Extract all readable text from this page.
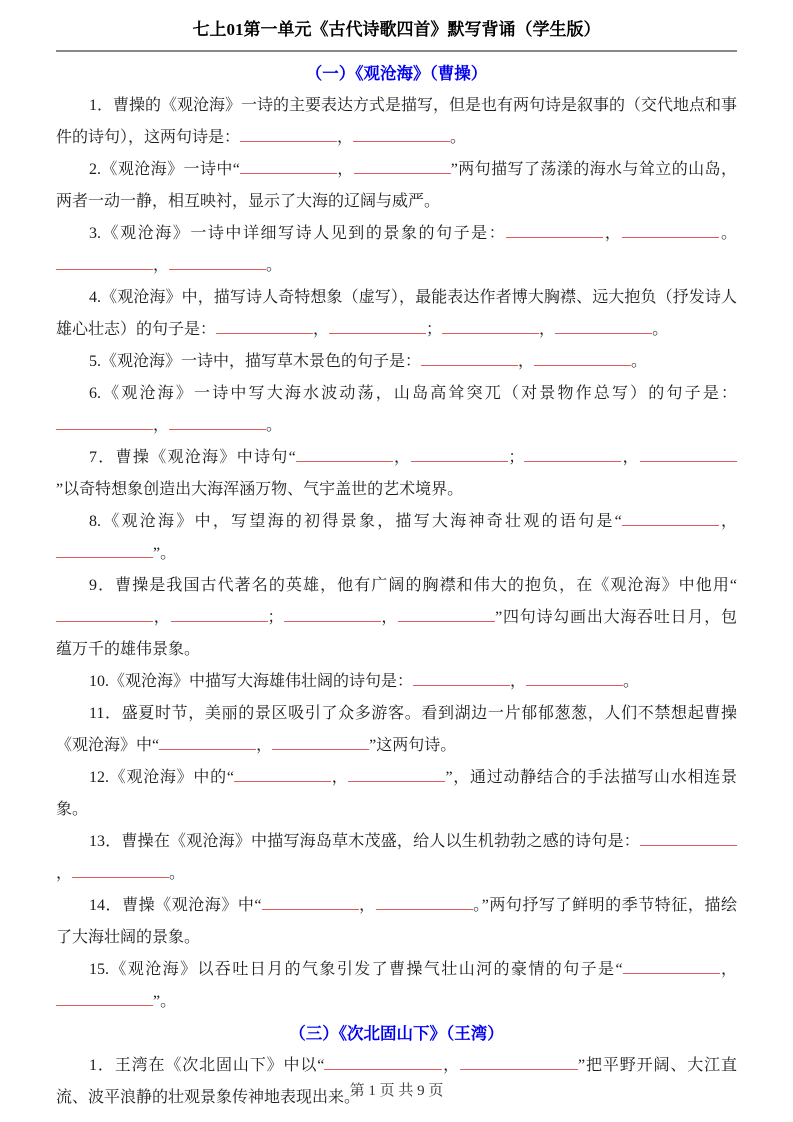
七上01第一单元《古代诗歌四首》默写背诵（学生版）
（一）《观沧海》（曹操）

1．曹操的《观沧海》一诗的主要表达方式是描写，但是也有两句诗是叙事的（交代地点和事件的诗句），这两句诗是：	，	。

2.《观沧海》一诗中“	，	”两句描写了荡漾的海水与耸立的山岛，两者一动一静，相互映衬，显示了大海的辽阔与威严。

3.《观沧海》一诗中详细写诗人见到的景象的句子是：	，	。，	。

4.《观沧海》中，描写诗人奇特想象（虚写），最能表达作者博大胸襟、远大抱负（抒发诗人雄心壮志）的句子是：	，	；	，	。

5.《观沧海》一诗中，描写草木景色的句子是：	，	。

6.《观沧海》一诗中写大海水波动荡，山岛高耸突兀（对景物作总写）的句子是：，	。

7．曹操《观沧海》中诗句“	，	；	，”以奇特想象创造出大海浑涵万物、气宇盖世的艺术境界。

8.《观沧海》中，写望海的初得景象，描写大海神奇壮观的语句是“	，”。

9．曹操是我国古代著名的英雄，他有广阔的胸襟和伟大的抱负，在《观沧海》中他用“，	；	，	”四句诗勾画出大海吞吐日月，包蕴万千的雄伟景象。

10.《观沧海》中描写大海雄伟壮阔的诗句是：	，	。

11．盛夏时节，美丽的景区吸引了众多游客。看到湖边一片郁郁葱葱，人们不禁想起曹操《观沧海》中“	，	”这两句诗。

12.《观沧海》中的“	，	”，通过动静结合的手法描写山水相连景象。

13．曹操在《观沧海》中描写海岛草木茂盛，给人以生机勃勃之感的诗句是：，	。

14．曹操《观沧海》中“	，	。”两句抒写了鲜明的季节特征，描绘了大海壮阔的景象。

15.《观沧海》以吞吐日月的气象引发了曹操气壮山河的豪情的句子是“	，”。

（三）《次北固山下》（王湾）

1．王湾在《次北固山下》中以“	，	”把平野开阔、大江直流、波平浪静的壮观景象传神地表现出来。

第 1 页 共 9 页
